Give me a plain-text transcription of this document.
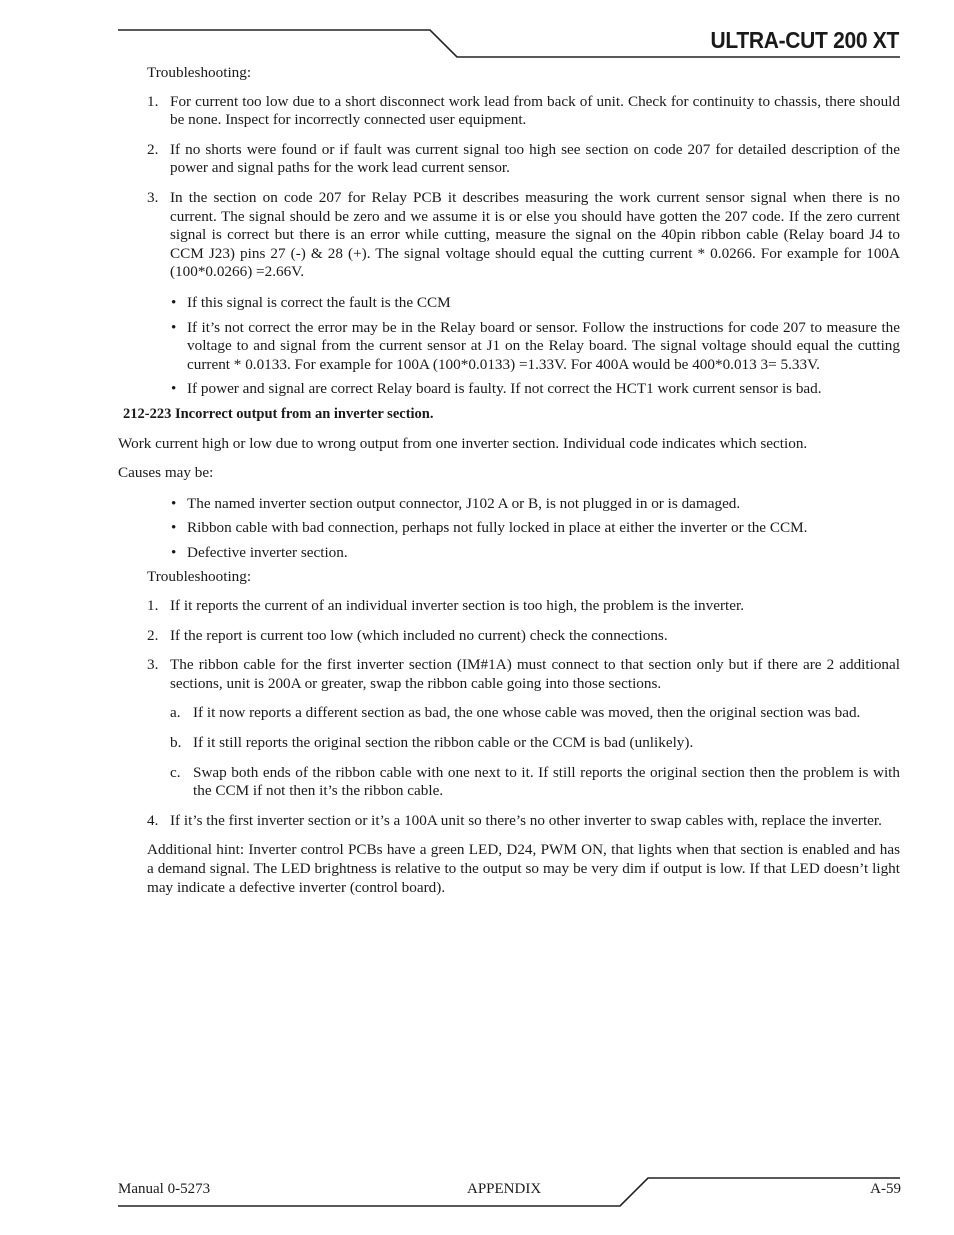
ULTRA-CUT 200 XT

Troubleshooting:

1. For current too low due to a short disconnect work lead from back of unit. Check for continuity to chassis, there should be none. Inspect for incorrectly connected user equipment.
2. If no shorts were found or if fault was current signal too high see section on code 207 for detailed description of the power and signal paths for the work lead current sensor.
3. In the section on code 207 for Relay PCB it describes measuring the work current sensor signal when there is no current. The signal should be zero and we assume it is or else you should have gotten the 207 code. If the zero current signal is correct but there is an error while cutting, measure the signal on the 40pin ribbon cable (Relay board J4 to CCM J23) pins 27 (-) & 28 (+). The signal voltage should equal the cutting current * 0.0266. For example for 100A (100*0.0266) =2.66V.
• If this signal is correct the fault is the CCM
• If it’s not correct the error may be in the Relay board or sensor. Follow the instructions for code 207 to measure the voltage to and signal from the current sensor at J1 on the Relay board. The signal voltage should equal the cutting current * 0.0133. For example for 100A (100*0.0133) =1.33V. For 400A would be 400*0.013 3= 5.33V.
• If power and signal are correct Relay board is faulty. If not correct the HCT1 work current sensor is bad.

212-223 Incorrect output from an inverter section.

Work current high or low due to wrong output from one inverter section. Individual code indicates which section.

Causes may be:

• The named inverter section output connector, J102 A or B, is not plugged in or is damaged.
• Ribbon cable with bad connection, perhaps not fully locked in place at either the inverter or the CCM.
• Defective inverter section.

Troubleshooting:

1. If it reports the current of an individual inverter section is too high, the problem is the inverter.
2. If the report is current too low (which included no current) check the connections.
3. The ribbon cable for the first inverter section (IM#1A) must connect to that section only but if there are 2 additional sections, unit is 200A or greater, swap the ribbon cable going into those sections.
a. If it now reports a different section as bad, the one whose cable was moved, then the original section was bad.
b. If it still reports the original section the ribbon cable or the CCM is bad (unlikely).
c. Swap both ends of the ribbon cable with one next to it. If still reports the original section then the problem is with the CCM if not then it’s the ribbon cable.
4. If it’s the first inverter section or it’s a 100A unit so there’s no other inverter to swap cables with, replace the inverter.

Additional hint: Inverter control PCBs have a green LED, D24, PWM ON, that lights when that section is enabled and has a demand signal. The LED brightness is relative to the output so may be very dim if output is low. If that LED doesn’t light may indicate a defective inverter (control board).

Manual 0-5273	APPENDIX	A-59
